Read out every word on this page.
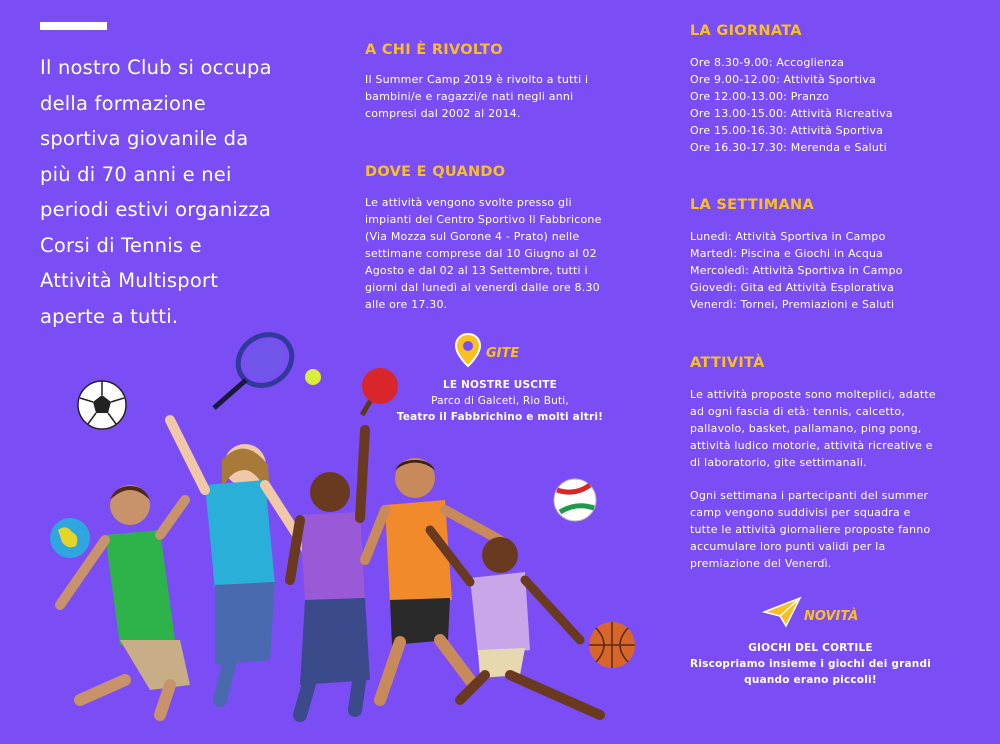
Il nostro Club si occupa
della formazione
sportiva giovanile da
più di 70 anni e nei
periodi estivi organizza
Corsi di Tennis e
Attività Multisport
aperte a tutti.
A CHI È RIVOLTO
Il Summer Camp 2019 è rivolto a tutti i
bambini/e e ragazzi/e nati negli anni
compresi dal 2002 al 2014.
DOVE E QUANDO
Le attività vengono svolte presso gli
impianti del Centro Sportivo Il Fabbricone
(Via Mozza sul Gorone 4 - Prato) nelle
settimane comprese dal 10 Giugno al 02
Agosto e dal 02 al 13 Settembre, tutti i
giorni dal lunedì al venerdì dalle ore 8.30
alle ore 17.30.
GITE
LE NOSTRE USCITE
Parco di Galceti, Rio Buti,
Teatro il Fabbrichino e molti altri!
LA GIORNATA
Ore 8.30-9.00: Accoglienza
Ore 9.00-12.00: Attività Sportiva
Ore 12.00-13.00: Pranzo
Ore 13.00-15.00: Attività Ricreativa
Ore 15.00-16.30: Attività Sportiva
Ore 16.30-17.30: Merenda e Saluti
LA SETTIMANA
Lunedì: Attività Sportiva in Campo
Martedì: Piscina e Giochi in Acqua
Mercoledì: Attività Sportiva in Campo
Giovedì: Gita ed Attività Esplorativa
Venerdì: Tornei, Premiazioni e Saluti
ATTIVITÀ
Le attività proposte sono molteplici, adatte
ad ogni fascia di età: tennis, calcetto,
pallavolo, basket, pallamano, ping pong,
attività ludico motorie, attività ricreative e
di laboratorio, gite settimanali.
Ogni settimana i partecipanti del summer
camp vengono suddivisi per squadra e
tutte le attività giornaliere proposte fanno
accumulare loro punti validi per la
premiazione del Venerdì.
NOVITÀ
GIOCHI DEL CORTILE
Riscopriamo insieme i giochi dei grandi
quando erano piccoli!
